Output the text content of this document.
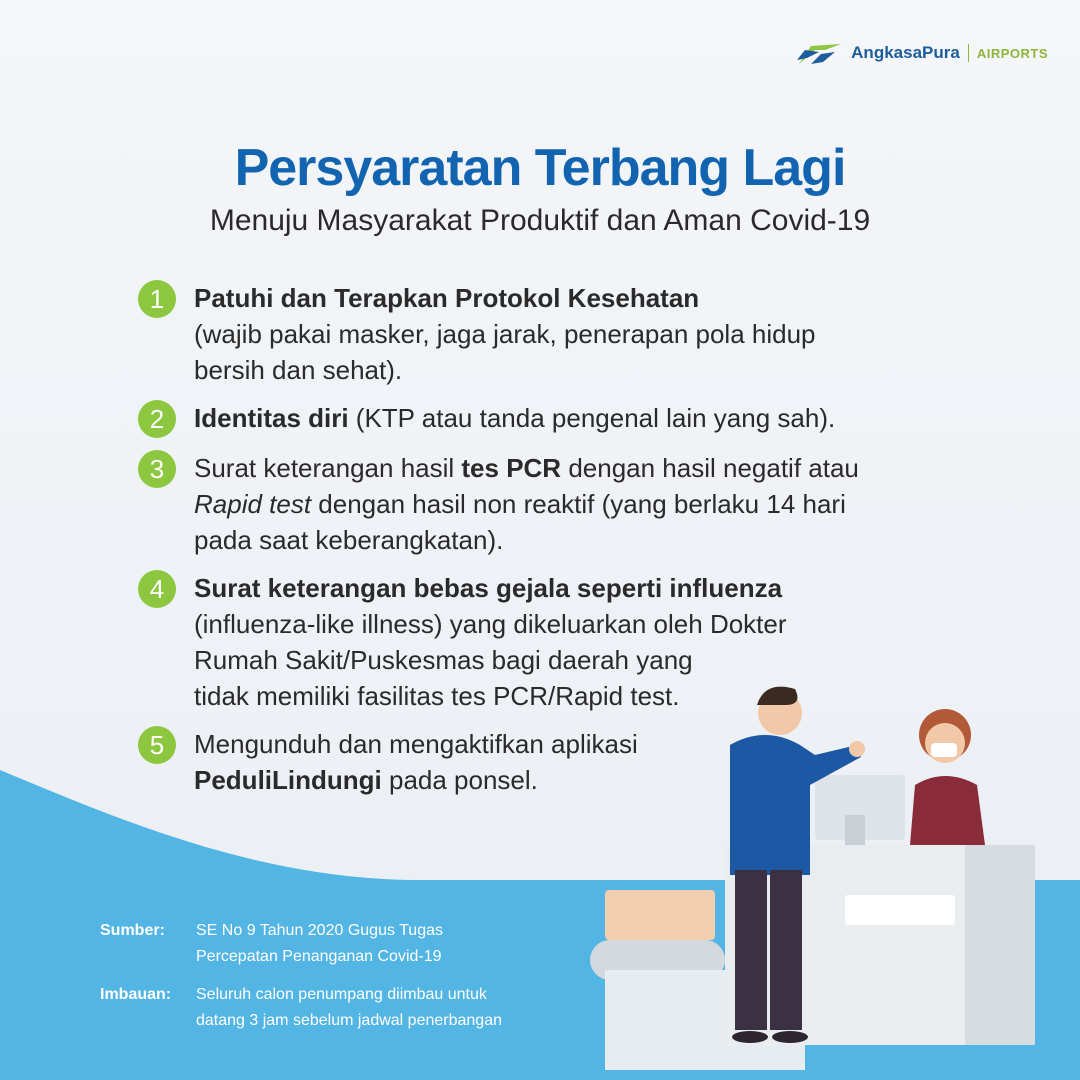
AngkasaPura AIRPORTS
Persyaratan Terbang Lagi
Menuju Masyarakat Produktif dan Aman Covid-19
1	Patuhi dan Terapkan Protokol Kesehatan
(wajib pakai masker, jaga jarak, penerapan pola hidup
bersih dan sehat).
2	Identitas diri (KTP atau tanda pengenal lain yang sah).
3	Surat keterangan hasil tes PCR dengan hasil negatif atau
Rapid test dengan hasil non reaktif (yang berlaku 14 hari
pada saat keberangkatan).
4	Surat keterangan bebas gejala seperti influenza
(influenza-like illness) yang dikeluarkan oleh Dokter
Rumah Sakit/Puskesmas bagi daerah yang
tidak memiliki fasilitas tes PCR/Rapid test.
5	Mengunduh dan mengaktifkan aplikasi
PeduliLindungi pada ponsel.
Sumber:	SE No 9 Tahun 2020 Gugus Tugas
Percepatan Penanganan Covid-19
Imbauan:	Seluruh calon penumpang diimbau untuk
datang 3 jam sebelum jadwal penerbangan
